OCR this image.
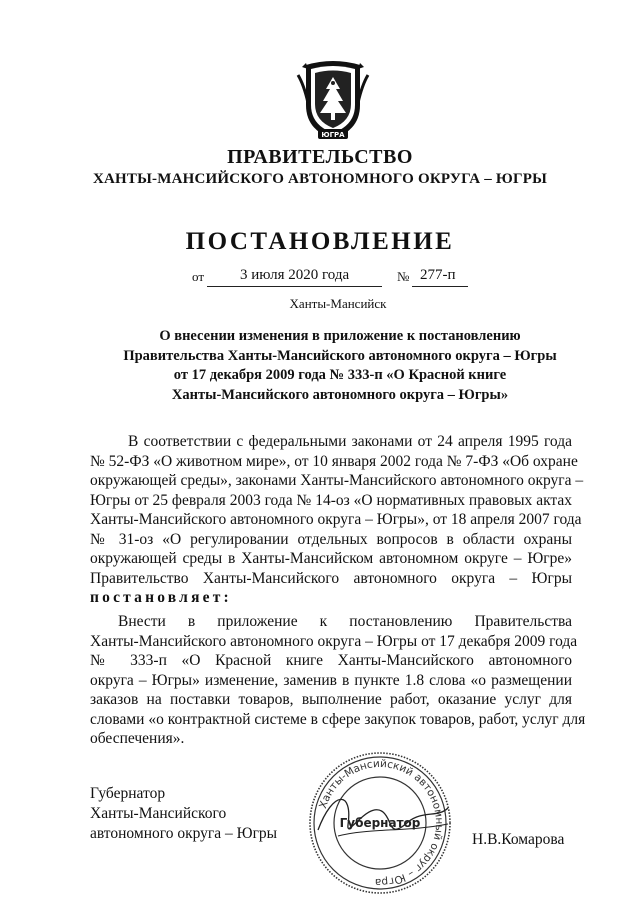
ЮГРА
ПРАВИТЕЛЬСТВО
ХАНТЫ-МАНСИЙСКОГО АВТОНОМНОГО ОКРУГА – ЮГРЫ
ПОСТАНОВЛЕНИЕ
от 3 июля 2020 года	№ 277-п
Ханты-Мансийск
О внесении изменения в приложение к постановлению
Правительства Ханты-Мансийского автономного округа – Югры
от 17 декабря 2009 года № 333-п «О Красной книге
Ханты-Мансийского автономного округа – Югры»
В соответствии с федеральными законами от 24 апреля 1995 года
№ 52-ФЗ «О животном мире», от 10 января 2002 года № 7-ФЗ «Об охране
окружающей среды», законами Ханты-Мансийского автономного округа –
Югры от 25 февраля 2003 года № 14-оз «О нормативных правовых актах
Ханты-Мансийского автономного округа – Югры», от 18 апреля 2007 года
№ 31-оз «О регулировании отдельных вопросов в области охраны
окружающей среды в Ханты-Мансийском автономном округе – Югре»
Правительство Ханты-Мансийского автономного округа – Югры
постановляет:
Внести в приложение к постановлению Правительства
Ханты-Мансийского автономного округа – Югры от 17 декабря 2009 года
№ 333-п «О Красной книге Ханты-Мансийского автономного
округа – Югры» изменение, заменив в пункте 1.8 слова «о размещении
заказов на поставки товаров, выполнение работ, оказание услуг для
словами «о контрактной системе в сфере закупок товаров, работ, услуг для
обеспечения».
Ханты-Мансийский автономный округ – Югра
Губернатор
Губернатор
Ханты-Мансийского
автономного округа – Югры	Н.В.Комарова
